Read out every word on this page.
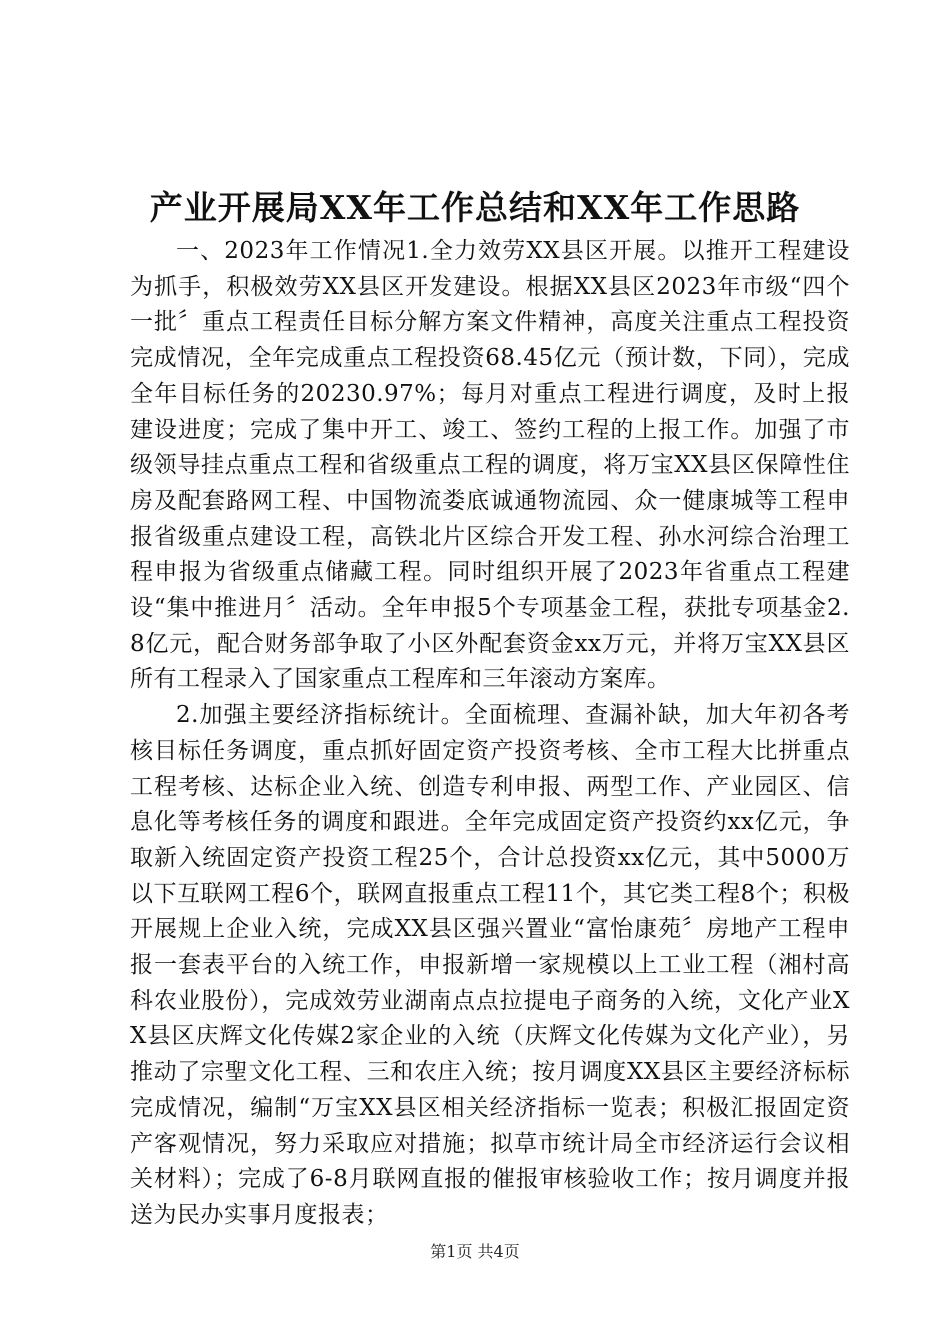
产业开展局XX年工作总结和XX年工作思路

一、2023年工作情况1.全力效劳XX县区开展。以推开工程建设为抓手，积极效劳XX县区开发建设。根据XX县区2023年市级“四个一批〞重点工程责任目标分解方案文件精神，高度关注重点工程投资完成情况，全年完成重点工程投资68.45亿元（预计数，下同），完成全年目标任务的20230.97%；每月对重点工程进行调度，及时上报建设进度；完成了集中开工、竣工、签约工程的上报工作。加强了市级领导挂点重点工程和省级重点工程的调度，将万宝XX县区保障性住房及配套路网工程、中国物流娄底诚通物流园、众一健康城等工程申报省级重点建设工程，高铁北片区综合开发工程、孙水河综合治理工程申报为省级重点储藏工程。同时组织开展了2023年省重点工程建设“集中推进月〞活动。全年申报5个专项基金工程，获批专项基金2.8亿元，配合财务部争取了小区外配套资金xx万元，并将万宝XX县区所有工程录入了国家重点工程库和三年滚动方案库。

2.加强主要经济指标统计。全面梳理、查漏补缺，加大年初各考核目标任务调度，重点抓好固定资产投资考核、全市工程大比拼重点工程考核、达标企业入统、创造专利申报、两型工作、产业园区、信息化等考核任务的调度和跟进。全年完成固定资产投资约xx亿元，争取新入统固定资产投资工程25个，合计总投资xx亿元，其中5000万以下互联网工程6个，联网直报重点工程11个，其它类工程8个；积极开展规上企业入统，完成XX县区强兴置业“富怡康苑〞房地产工程申报一套表平台的入统工作，申报新增一家规模以上工业工程（湘村高科农业股份），完成效劳业湖南点点拉提电子商务的入统，文化产业XX县区庆辉文化传媒2家企业的入统（庆辉文化传媒为文化产业），另推动了宗聖文化工程、三和农庄入统；按月调度XX县区主要经济标标完成情况，编制“万宝XX县区相关经济指标一览表；积极汇报固定资产客观情况，努力采取应对措施；拟草市统计局全市经济运行会议相关材料）；完成了6-8月联网直报的催报审核验收工作；按月调度并报送为民办实事月度报表；

第1页 共4页
